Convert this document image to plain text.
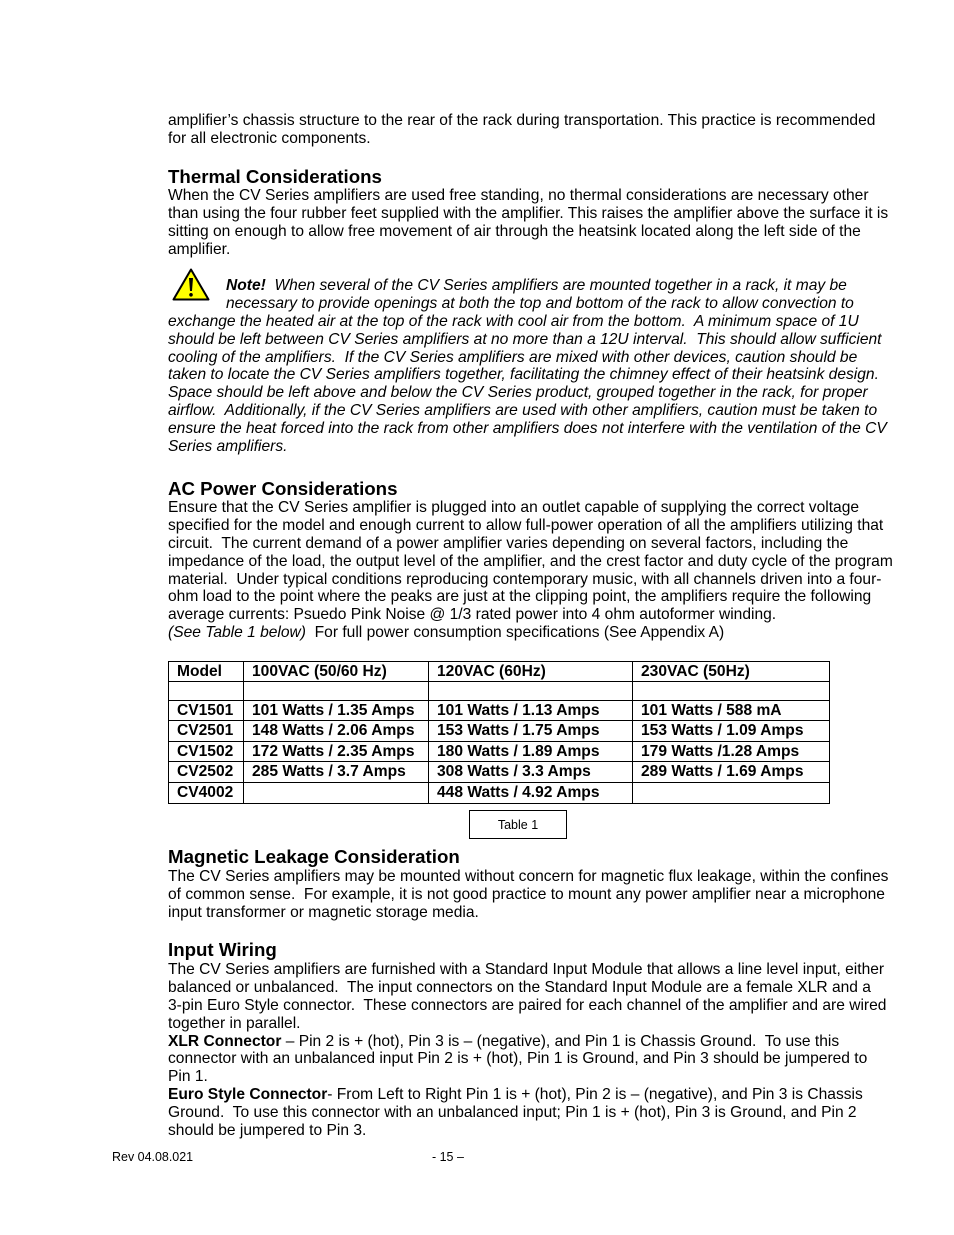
amplifier’s chassis structure to the rear of the rack during transportation. This practice is recommended
for all electronic components.
Thermal Considerations
When the CV Series amplifiers are used free standing, no thermal considerations are necessary other
than using the four rubber feet supplied with the amplifier. This raises the amplifier above the surface it is
sitting on enough to allow free movement of air through the heatsink located along the left side of the
amplifier.
Note!  When several of the CV Series amplifiers are mounted together in a rack, it may be
necessary to provide openings at both the top and bottom of the rack to allow convection to
exchange the heated air at the top of the rack with cool air from the bottom.  A minimum space of 1U
should be left between CV Series amplifiers at no more than a 12U interval.  This should allow sufficient
cooling of the amplifiers.  If the CV Series amplifiers are mixed with other devices, caution should be
taken to locate the CV Series amplifiers together, facilitating the chimney effect of their heatsink design.
Space should be left above and below the CV Series product, grouped together in the rack, for proper
airflow.  Additionally, if the CV Series amplifiers are used with other amplifiers, caution must be taken to
ensure the heat forced into the rack from other amplifiers does not interfere with the ventilation of the CV
Series amplifiers.
AC Power Considerations
Ensure that the CV Series amplifier is plugged into an outlet capable of supplying the correct voltage
specified for the model and enough current to allow full-power operation of all the amplifiers utilizing that
circuit.  The current demand of a power amplifier varies depending on several factors, including the
impedance of the load, the output level of the amplifier, and the crest factor and duty cycle of the program
material.  Under typical conditions reproducing contemporary music, with all channels driven into a four-
ohm load to the point where the peaks are just at the clipping point, the amplifiers require the following
average currents: Psuedo Pink Noise @ 1/3 rated power into 4 ohm autoformer winding.
(See Table 1 below)  For full power consumption specifications (See Appendix A)
Model	100VAC (50/60 Hz)	120VAC (60Hz)	230VAC (50Hz)

CV1501	101 Watts / 1.35 Amps	101 Watts / 1.13 Amps	101 Watts / 588 mA
CV2501	148 Watts / 2.06 Amps	153 Watts / 1.75 Amps	153 Watts / 1.09 Amps
CV1502	172 Watts / 2.35 Amps	180 Watts / 1.89 Amps	179 Watts /1.28 Amps
CV2502	285 Watts / 3.7 Amps	308 Watts / 3.3 Amps	289 Watts / 1.69 Amps
CV4002		448 Watts / 4.92 Amps	
Table 1
Magnetic Leakage Consideration
The CV Series amplifiers may be mounted without concern for magnetic flux leakage, within the confines
of common sense.  For example, it is not good practice to mount any power amplifier near a microphone
input transformer or magnetic storage media.
Input Wiring
The CV Series amplifiers are furnished with a Standard Input Module that allows a line level input, either
balanced or unbalanced.  The input connectors on the Standard Input Module are a female XLR and a
3-pin Euro Style connector.  These connectors are paired for each channel of the amplifier and are wired
together in parallel.
XLR Connector – Pin 2 is + (hot), Pin 3 is – (negative), and Pin 1 is Chassis Ground.  To use this
connector with an unbalanced input Pin 2 is + (hot), Pin 1 is Ground, and Pin 3 should be jumpered to
Pin 1.
Euro Style Connector- From Left to Right Pin 1 is + (hot), Pin 2 is – (negative), and Pin 3 is Chassis
Ground.  To use this connector with an unbalanced input; Pin 1 is + (hot), Pin 3 is Ground, and Pin 2
should be jumpered to Pin 3.
Rev 04.08.021	- 15 –
